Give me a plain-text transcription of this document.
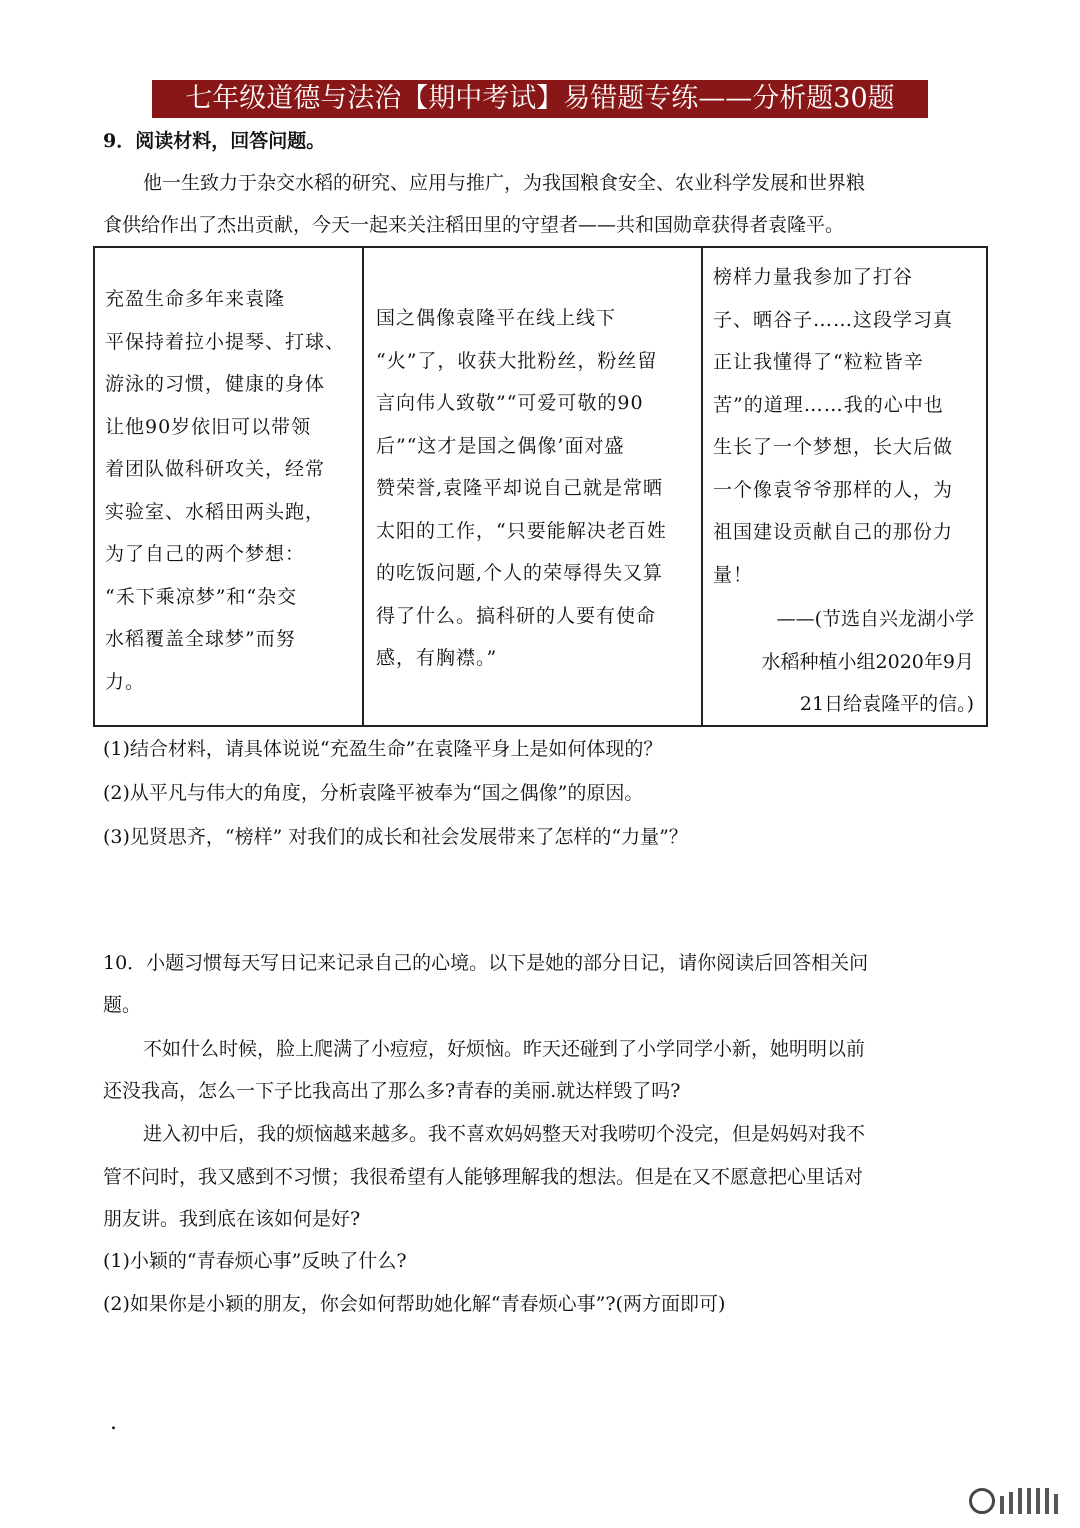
七年级道德与法治【期中考试】易错题专练——分析题30题
9．阅读材料，回答问题。
他一生致力于杂交水稻的研究、应用与推广，为我国粮食安全、农业科学发展和世界粮
食供给作出了杰出贡献，今天一起来关注稻田里的守望者——共和国勋章获得者袁隆平。
充盈生命多年来袁隆
平保持着拉小提琴、打球、
游泳的习惯，健康的身体
让他90岁依旧可以带领
着团队做科研攻关，经常
实验室、水稻田两头跑，
为了自己的两个梦想：
“禾下乘凉梦”和“杂交
水稻覆盖全球梦”而努
力。
国之偶像袁隆平在线上线下
“火”了，收获大批粉丝，粉丝留
言向伟人致敬”“可爱可敬的90
后”“这才是国之偶像’面对盛
赞荣誉,袁隆平却说自己就是常晒
太阳的工作，“只要能解决老百姓
的吃饭问题,个人的荣辱得失又算
得了什么。搞科研的人要有使命
感，有胸襟。”
榜样力量我参加了打谷
子、晒谷子……这段学习真
正让我懂得了“粒粒皆辛
苦”的道理……我的心中也
生长了一个梦想，长大后做
一个像袁爷爷那样的人，为
祖国建设贡献自己的那份力
量！
——(节选自兴龙湖小学
水稻种植小组2020年9月
21日给袁隆平的信。)
(1)结合材料，请具体说说“充盈生命”在袁隆平身上是如何体现的？
(2)从平凡与伟大的角度，分析袁隆平被奉为“国之偶像”的原因。
(3)见贤思齐，“榜样” 对我们的成长和社会发展带来了怎样的“力量”？
10．小题习惯每天写日记来记录自己的心境。以下是她的部分日记，请你阅读后回答相关问
题。
不如什么时候，脸上爬满了小痘痘，好烦恼。昨天还碰到了小学同学小新，她明明以前
还没我高，怎么一下子比我高出了那么多?青春的美丽.就达样毁了吗?
进入初中后，我的烦恼越来越多。我不喜欢妈妈整天对我唠叨个没完，但是妈妈对我不
管不问时，我又感到不习惯；我很希望有人能够理解我的想法。但是在又不愿意把心里话对
朋友讲。我到底在该如何是好?
(1)小颖的“青春烦心事”反映了什么?
(2)如果你是小颖的朋友，你会如何帮助她化解“青春烦心事”?(两方面即可)
.
